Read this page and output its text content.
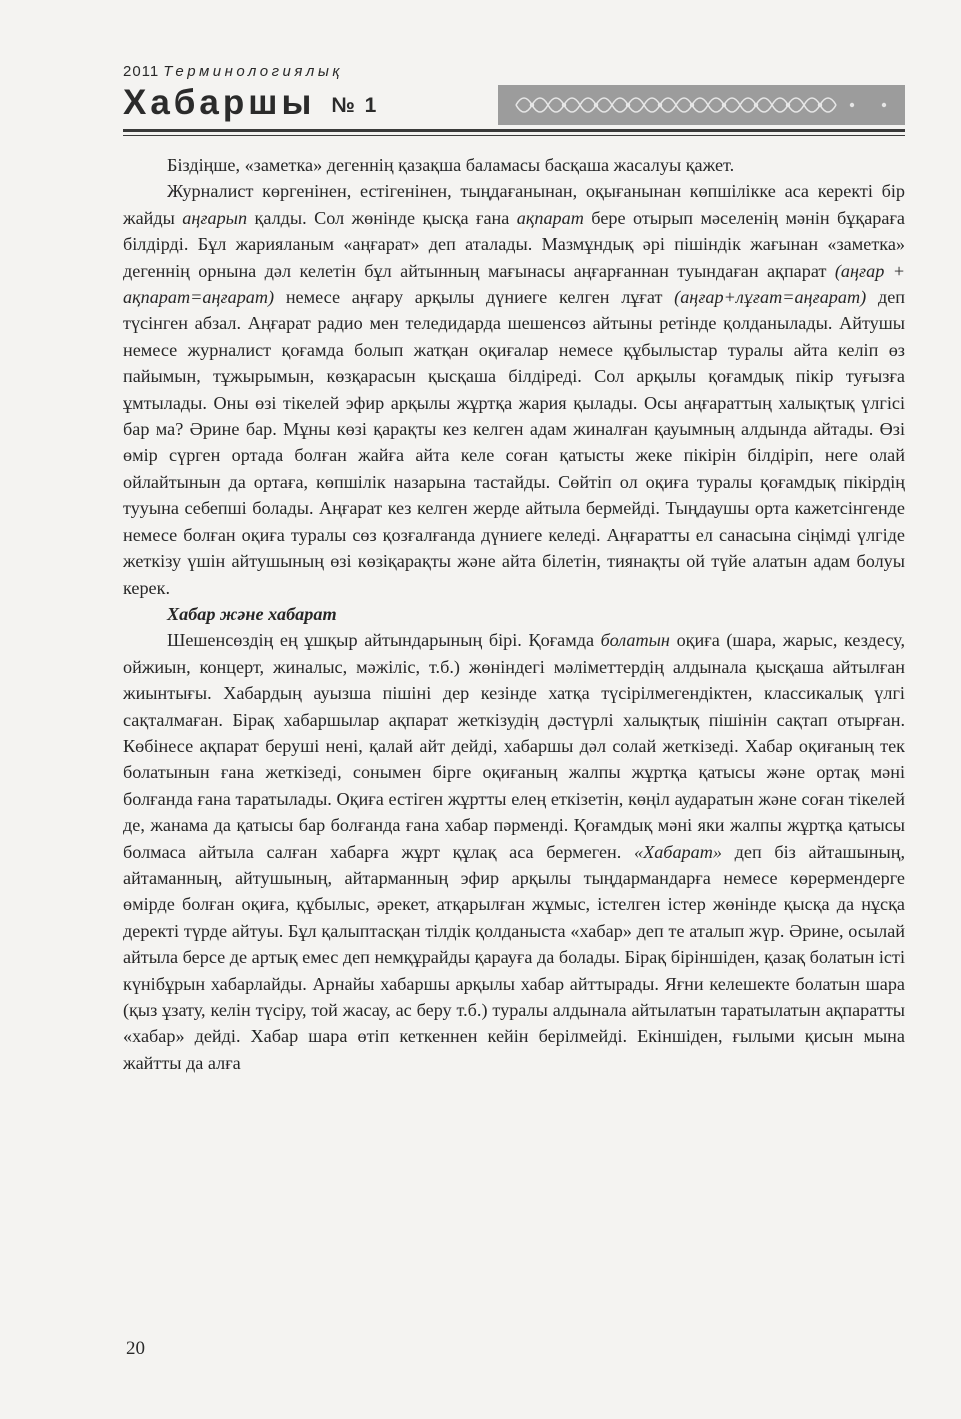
2011 Терминологиялық
Хабаршы № 1

Біздіңше, «заметка» дегеннің қазақша баламасы басқаша жасалуы қажет.

Журналист көргенінен, естігенінен, тыңдағанынан, оқығанынан көпшілікке аса керекті бір жайды аңғарып қалды. Сол жөнінде қысқа ғана ақпарат бере отырып мәселенің мәнін бұқараға білдірді. Бұл жарияланым «аңғарат» деп аталады. Мазмұндық әрі пішіндік жағынан «заметка» дегеннің орнына дәл келетін бұл айтынның мағынасы аңғарғаннан туындаған ақпарат (аңғар + ақпарат=аңғарат) немесе аңғару арқылы дүниеге келген лұғат (аңғар+лұғат=аңғарат) деп түсінген абзал. Аңғарат радио мен теледидарда шешенсөз айтыны ретінде қолданылады. Айтушы немесе журналист қоғамда болып жатқан оқиғалар немесе құбылыстар туралы айта келіп өз пайымын, тұжырымын, көзқарасын қысқаша білдіреді. Сол арқылы қоғамдық пікір туғызға ұмтылады. Оны өзі тікелей эфир арқылы жұртқа жария қылады. Осы аңғараттың халықтық үлгісі бар ма? Әрине бар. Мұны көзі қарақты кез келген адам жиналған қауымның алдында айтады. Өзі өмір сүрген ортада болған жайға айта келе соған қатысты жеке пікірін білдіріп, неге олай ойлайтынын да ортаға, көпшілік назарына тастайды. Сөйтіп ол оқиға туралы қоғамдық пікірдің тууына себепші болады. Аңғарат кез келген жерде айтыла бермейді. Тыңдаушы орта кажетсінгенде немесе болған оқиға туралы сөз қозғалғанда дүниеге келеді. Аңғаратты ел санасына сіңімді үлгіде жеткізу үшін айтушының өзі көзіқарақты және айта білетін, тиянақты ой түйе алатын адам болуы керек.

Хабар және хабарат

Шешенсөздің ең ұшқыр айтындарының бірі. Қоғамда болатын оқиға (шара, жарыс, кездесу, ойжиын, концерт, жиналыс, мәжіліс, т.б.) жөніндегі мәліметтердің алдынала қысқаша айтылған жиынтығы. Хабардың ауызша пішіні дер кезінде хатқа түсірілмегендіктен, классикалық үлгі сақталмаған. Бірақ хабаршылар ақпарат жеткізудің дәстүрлі халықтық пішінін сақтап отырған. Көбінесе ақпарат беруші нені, қалай айт дейді, хабаршы дәл солай жеткізеді. Хабар оқиғаның тек болатынын ғана жеткізеді, сонымен бірге оқиғаның жалпы жұртқа қатысы және ортақ мәні болғанда ғана таратылады. Оқиға естіген жұртты елең еткізетін, көңіл аударатын және соған тікелей де, жанама да қатысы бар болғанда ғана хабар пәрменді. Қоғамдық мәні яки жалпы жұртқа қатысы болмаса айтыла салған хабарға жұрт құлақ аса бермеген. «Хабарат» деп біз айташының, айтаманның, айтушының, айтарманның эфир арқылы тыңдармандарға немесе көрермендерге өмірде болған оқиға, құбылыс, әрекет, атқарылған жұмыс, істелген істер жөнінде қысқа да нұсқа деректі түрде айтуы. Бұл қалыптасқан тілдік қолданыста «хабар» деп те аталып жүр. Әрине, осылай айтыла берсе де артық емес деп немқұрайды қарауға да болады. Бірақ біріншіден, қазақ болатын істі күнібұрын хабарлайды. Арнайы хабаршы арқылы хабар айттырады. Яғни келешекте болатын шара (қыз ұзату, келін түсіру, той жасау, ас беру т.б.) туралы алдынала айтылатын таратылатын ақпаратты «хабар» дейді. Хабар шара өтіп кеткеннен кейін берілмейді. Екіншіден, ғылыми қисын мына жайтты да алға

20
